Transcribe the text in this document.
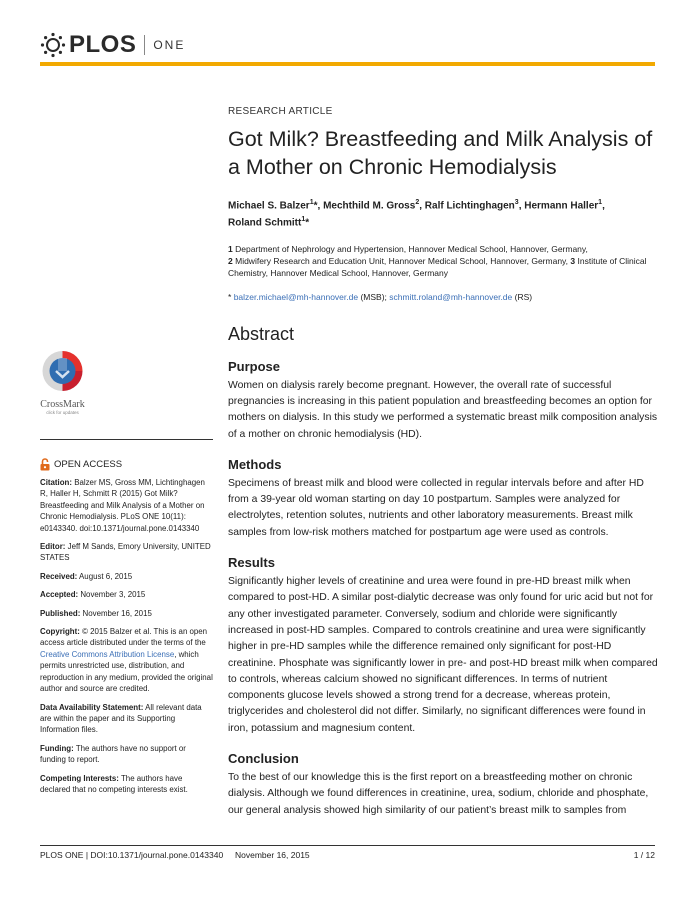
PLOS ONE
RESEARCH ARTICLE
Got Milk? Breastfeeding and Milk Analysis of a Mother on Chronic Hemodialysis
Michael S. Balzer$^1$*, Mechthild M. Gross$^2$, Ralf Lichtinghagen$^3$, Hermann Haller$^1$,
Roland Schmitt$^1$*
1 Department of Nephrology and Hypertension, Hannover Medical School, Hannover, Germany,
2 Midwifery Research and Education Unit, Hannover Medical School, Hannover, Germany, 3 Institute of Clinical Chemistry, Hannover Medical School, Hannover, Germany
* balzer.michael@mh-hannover.de (MSB); schmitt.roland@mh-hannover.de (RS)
Abstract
Purpose

Women on dialysis rarely become pregnant. However, the overall rate of successful pregnancies is increasing in this patient population and breastfeeding becomes an option for mothers on dialysis. In this study we performed a systematic breast milk composition analysis of a mother on chronic hemodialysis (HD).

Methods

Specimens of breast milk and blood were collected in regular intervals before and after HD from a 39-year old woman starting on day 10 postpartum. Samples were analyzed for electrolytes, retention solutes, nutrients and other laboratory measurements. Breast milk samples from low-risk mothers matched for postpartum age were used as controls.

Results

Significantly higher levels of creatinine and urea were found in pre-HD breast milk when compared to post-HD. A similar post-dialytic decrease was only found for uric acid but not for any other investigated parameter. Conversely, sodium and chloride were significantly increased in post-HD samples. Compared to controls creatinine and urea were significantly higher in pre-HD samples while the difference remained only significant for post-HD creatinine. Phosphate was significantly lower in pre- and post-HD breast milk when compared to controls, whereas calcium showed no significant differences. In terms of nutrient components glucose levels showed a strong trend for a decrease, whereas protein, triglycerides and cholesterol did not differ. Similarly, no significant differences were found in iron, potassium and magnesium content.

Conclusion

To the best of our knowledge this is the first report on a breastfeeding mother on chronic dialysis. Although we found differences in creatinine, urea, sodium, chloride and phosphate, our general analysis showed high similarity of our patient’s breast milk to samples from

CrossMark
click for updates
OPEN ACCESS

Citation: Balzer MS, Gross MM, Lichtinghagen R, Haller H, Schmitt R (2015) Got Milk? Breastfeeding and Milk Analysis of a Mother on Chronic Hemodialysis. PLoS ONE 10(11): e0143340. doi:10.1371/journal.pone.0143340

Editor: Jeff M Sands, Emory University, UNITED STATES

Received: August 6, 2015

Accepted: November 3, 2015

Published: November 16, 2015

Copyright: © 2015 Balzer et al. This is an open access article distributed under the terms of the Creative Commons Attribution License, which permits unrestricted use, distribution, and reproduction in any medium, provided the original author and source are credited.

Data Availability Statement: All relevant data are within the paper and its Supporting Information files.

Funding: The authors have no support or funding to report.

Competing Interests: The authors have declared that no competing interests exist.

PLOS ONE | DOI:10.1371/journal.pone.0143340     November 16, 2015	1 / 12
